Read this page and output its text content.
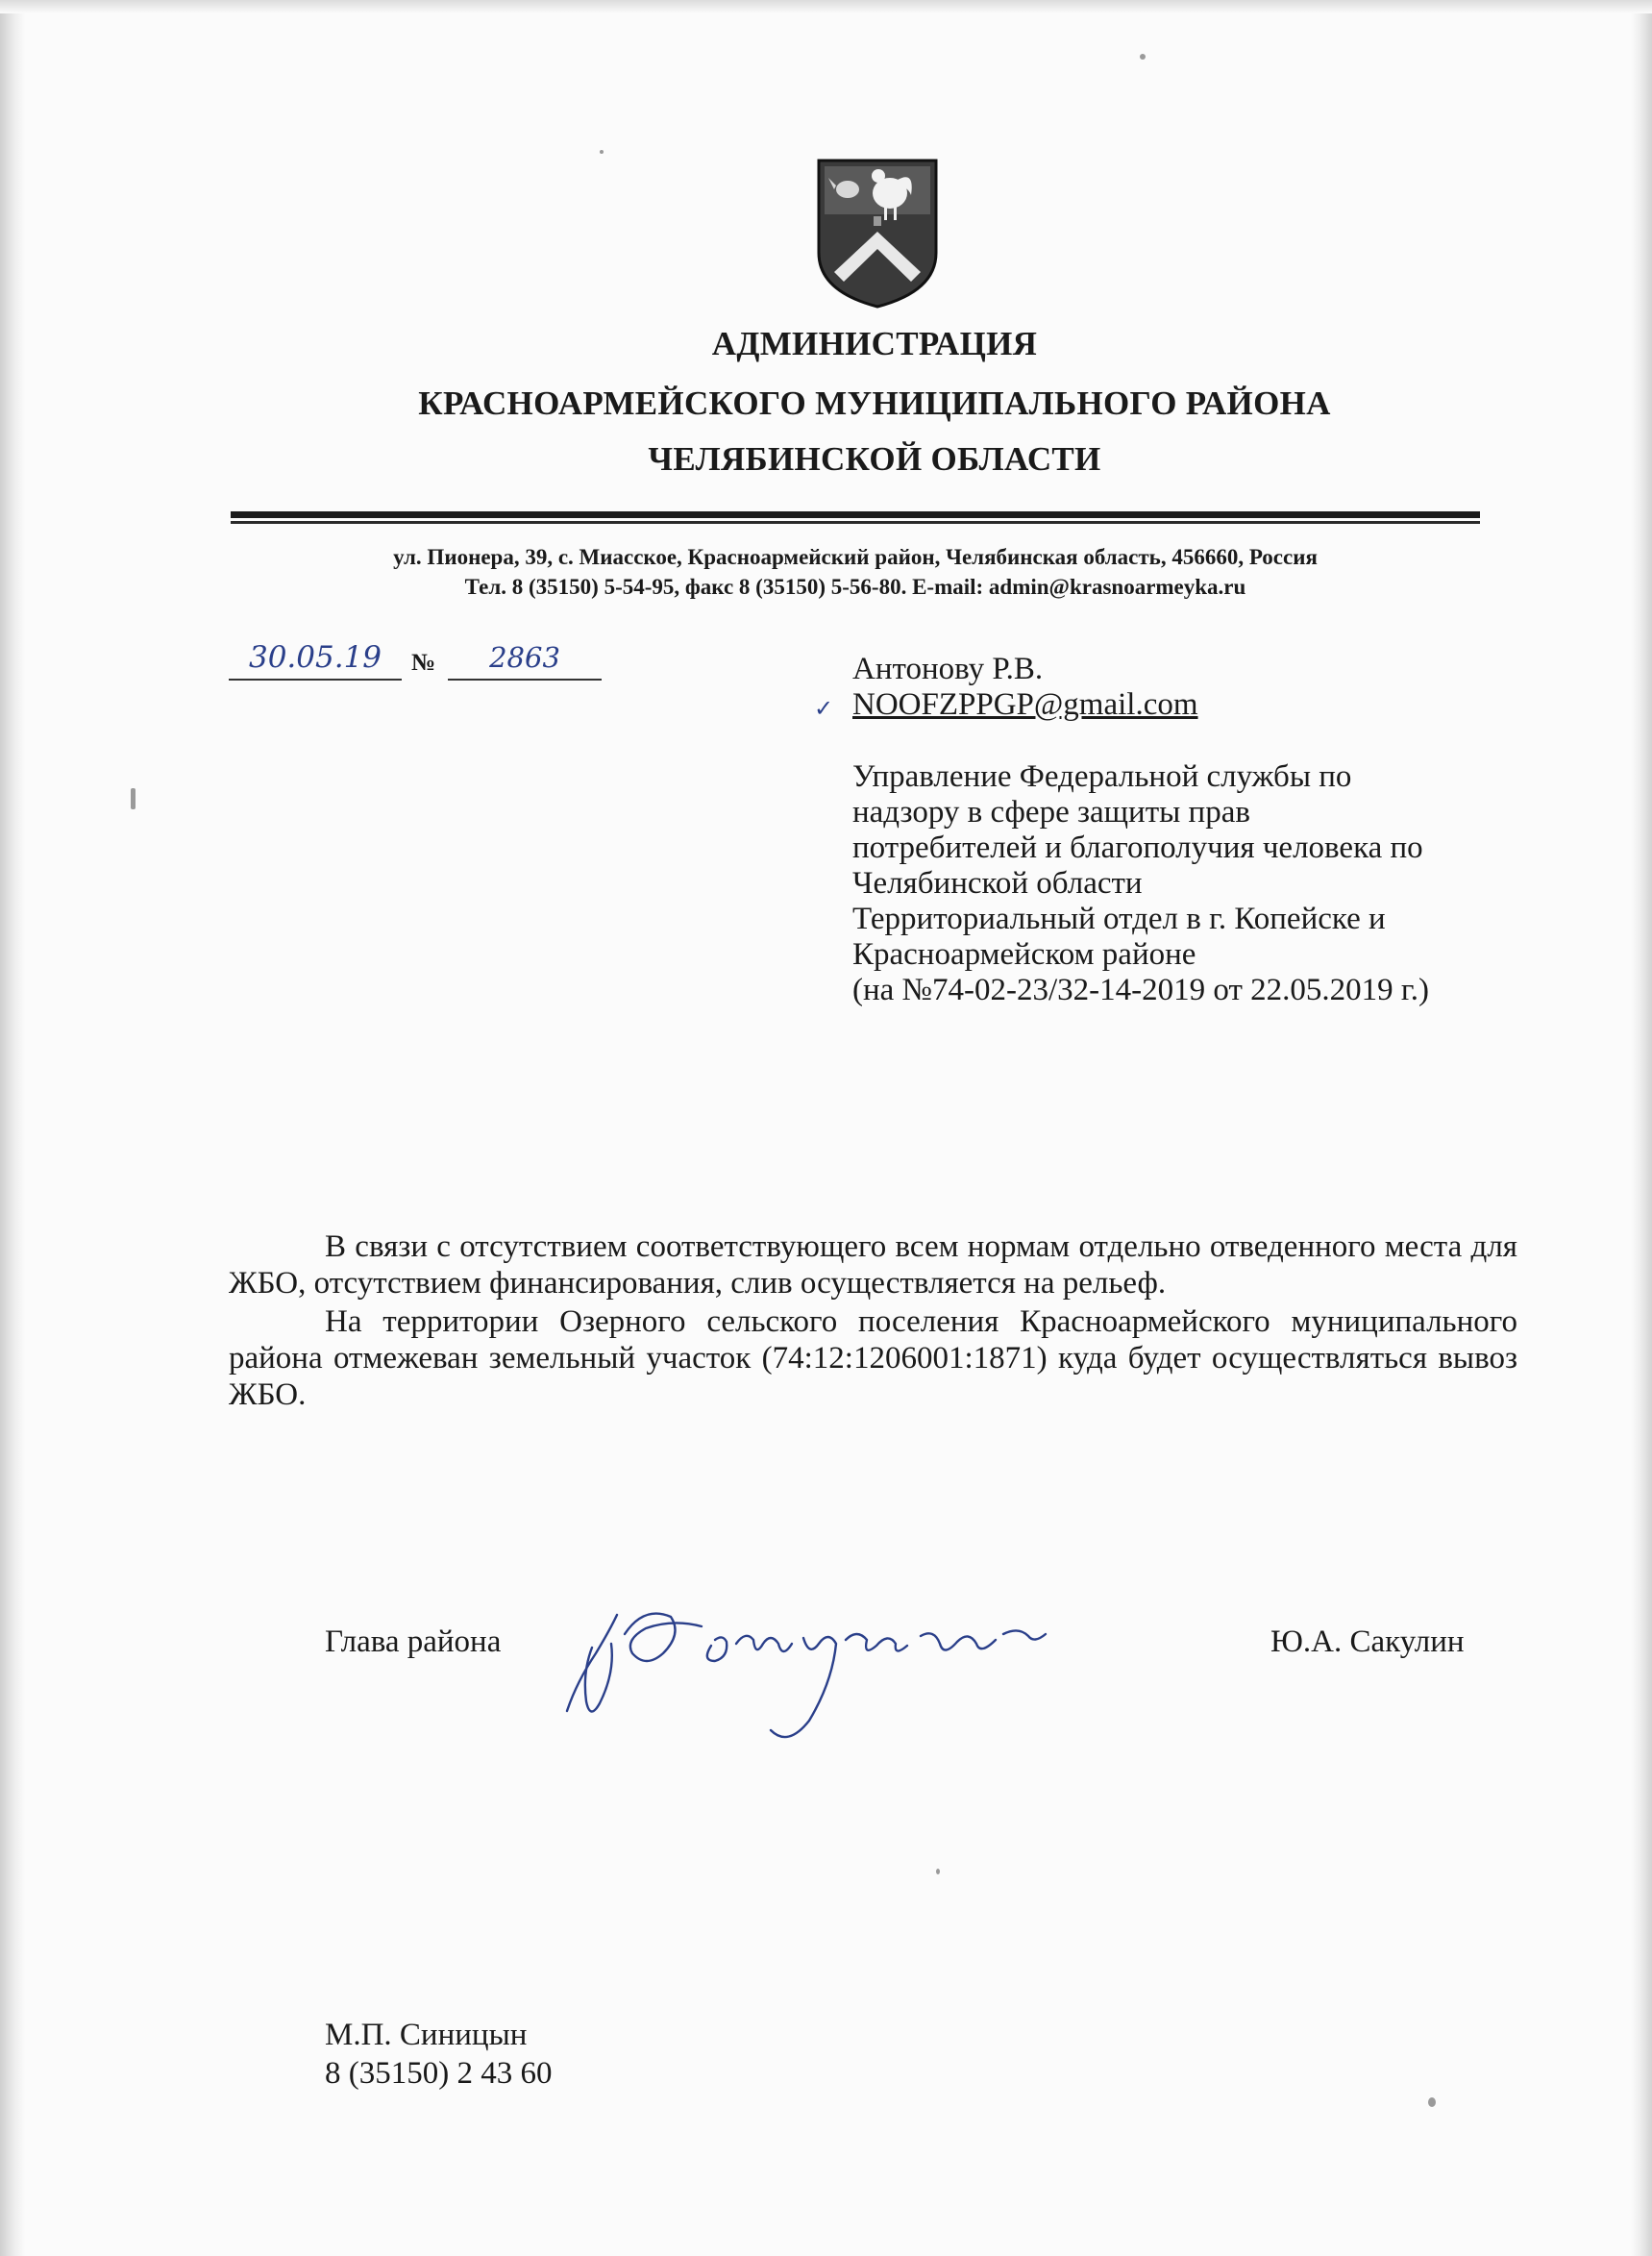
АДМИНИСТРАЦИЯ
КРАСНОАРМЕЙСКОГО МУНИЦИПАЛЬНОГО РАЙОНА
ЧЕЛЯБИНСКОЙ ОБЛАСТИ
ул. Пионера, 39, с. Миасское, Красноармейский район, Челябинская область, 456660, Россия
Тел. 8 (35150) 5-54-95, факс 8 (35150) 5-56-80. E-mail: admin@krasnoarmeyka.ru
30.05.19	№	2863
✓
Антонову Р.В.
NOOFZPPGP@gmail.com
Управление Федеральной службы по
надзору в сфере защиты прав
потребителей и благополучия человека по
Челябинской области
Территориальный отдел в г. Копейске и
Красноармейском районе
(на №74-02-23/32-14-2019 от 22.05.2019 г.)

В связи с отсутствием соответствующего всем нормам отдельно отведенного места для ЖБО, отсутствием финансирования, слив осуществляется на рельеф.

На территории Озерного сельского поселения Красноармейского муниципального района отмежеван земельный участок (74:12:1206001:1871) куда будет осуществляться вывоз ЖБО.

Глава района	Ю.А. Сакулин
М.П. Синицын
8 (35150) 2 43 60
